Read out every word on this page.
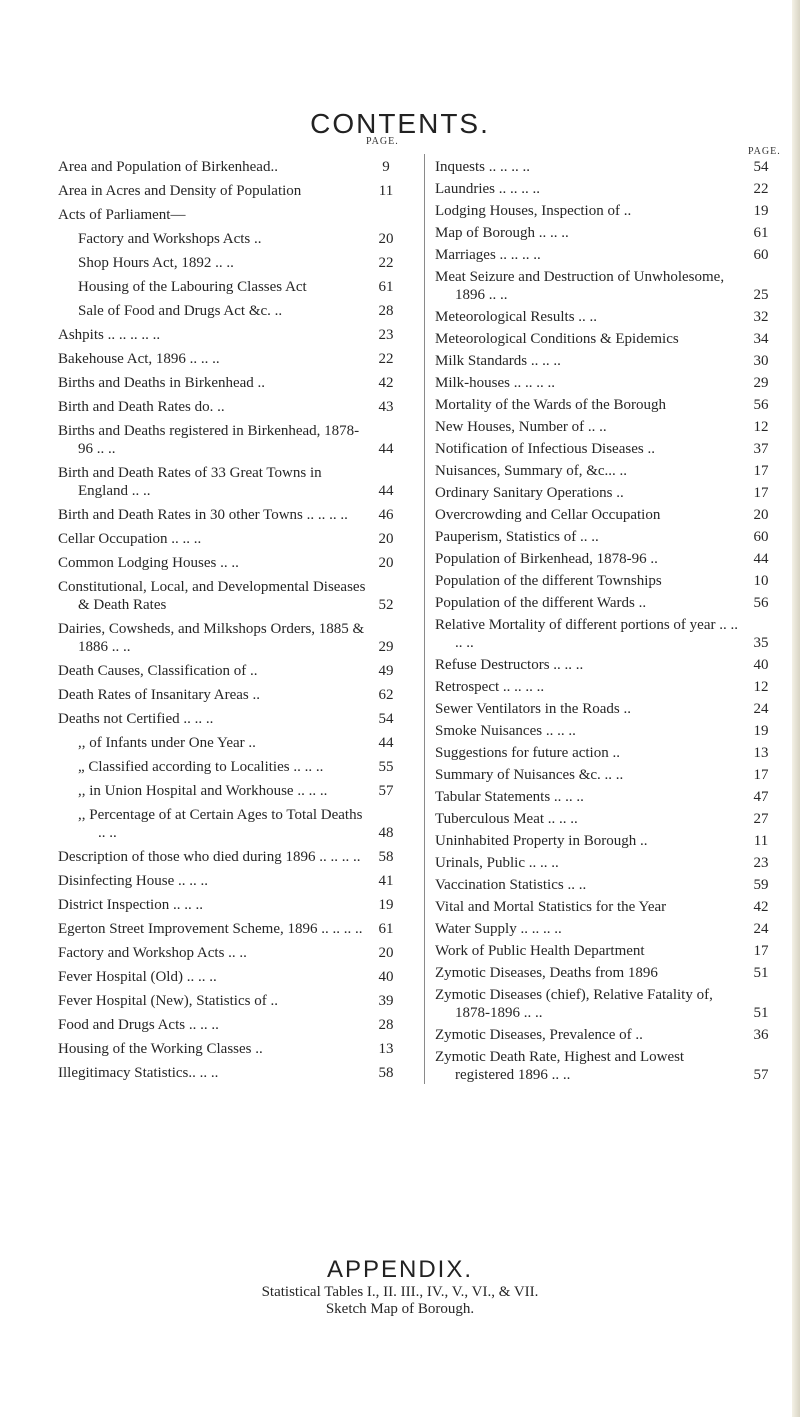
CONTENTS.
PAGE.
PAGE.
Area and Population of Birkenhead..	9
Area in Acres and Density of Population	11
Acts of Parliament—
Factory and Workshops Acts ..	20
Shop Hours Act, 1892 .. ..	22
Housing of the Labouring Classes Act	61
Sale of Food and Drugs Act &c. ..	28
Ashpits .. .. .. .. ..	23
Bakehouse Act, 1896 .. .. ..	22
Births and Deaths in Birkenhead ..	42
Birth and Death Rates do. ..	43
Births and Deaths registered in Birkenhead, 1878-96 .. ..	44
Birth and Death Rates of 33 Great Towns in England .. ..	44
Birth and Death Rates in 30 other Towns .. .. .. ..	46
Cellar Occupation .. .. ..	20
Common Lodging Houses .. ..	20
Constitutional, Local, and Developmental Diseases & Death Rates	52
Dairies, Cowsheds, and Milkshops Orders, 1885 & 1886 .. ..	29
Death Causes, Classification of ..	49
Death Rates of Insanitary Areas ..	62
Deaths not Certified .. .. ..	54
,, of Infants under One Year ..	44
„ Classified according to Localities .. .. ..	55
,, in Union Hospital and Workhouse .. .. ..	57
,, Percentage of at Certain Ages to Total Deaths .. ..	48
Description of those who died during 1896 .. .. .. ..	58
Disinfecting House .. .. ..	41
District Inspection .. .. ..	19
Egerton Street Improvement Scheme, 1896 .. .. .. ..	61
Factory and Workshop Acts .. ..	20
Fever Hospital (Old) .. .. ..	40
Fever Hospital (New), Statistics of ..	39
Food and Drugs Acts .. .. ..	28
Housing of the Working Classes ..	13
Illegitimacy Statistics.. .. ..	58
Inquests .. .. .. ..	54
Laundries .. .. .. ..	22
Lodging Houses, Inspection of ..	19
Map of Borough .. .. ..	61
Marriages .. .. .. ..	60
Meat Seizure and Destruction of Unwholesome, 1896 .. ..	25
Meteorological Results .. ..	32
Meteorological Conditions & Epidemics	34
Milk Standards .. .. ..	30
Milk-houses .. .. .. ..	29
Mortality of the Wards of the Borough	56
New Houses, Number of .. ..	12
Notification of Infectious Diseases ..	37
Nuisances, Summary of, &c... ..	17
Ordinary Sanitary Operations ..	17
Overcrowding and Cellar Occupation	20
Pauperism, Statistics of .. ..	60
Population of Birkenhead, 1878-96 ..	44
Population of the different Townships	10
Population of the different Wards ..	56
Relative Mortality of different portions of year .. .. .. ..	35
Refuse Destructors .. .. ..	40
Retrospect .. .. .. ..	12
Sewer Ventilators in the Roads ..	24
Smoke Nuisances .. .. ..	19
Suggestions for future action ..	13
Summary of Nuisances &c. .. ..	17
Tabular Statements .. .. ..	47
Tuberculous Meat .. .. ..	27
Uninhabited Property in Borough ..	11
Urinals, Public .. .. ..	23
Vaccination Statistics .. ..	59
Vital and Mortal Statistics for the Year	42
Water Supply .. .. .. ..	24
Work of Public Health Department	17
Zymotic Diseases, Deaths from 1896	51
Zymotic Diseases (chief), Relative Fatality of, 1878-1896 .. ..	51
Zymotic Diseases, Prevalence of ..	36
Zymotic Death Rate, Highest and Lowest registered 1896 .. ..	57
APPENDIX.
Statistical Tables I., II. III., IV., V., VI., & VII.
Sketch Map of Borough.
